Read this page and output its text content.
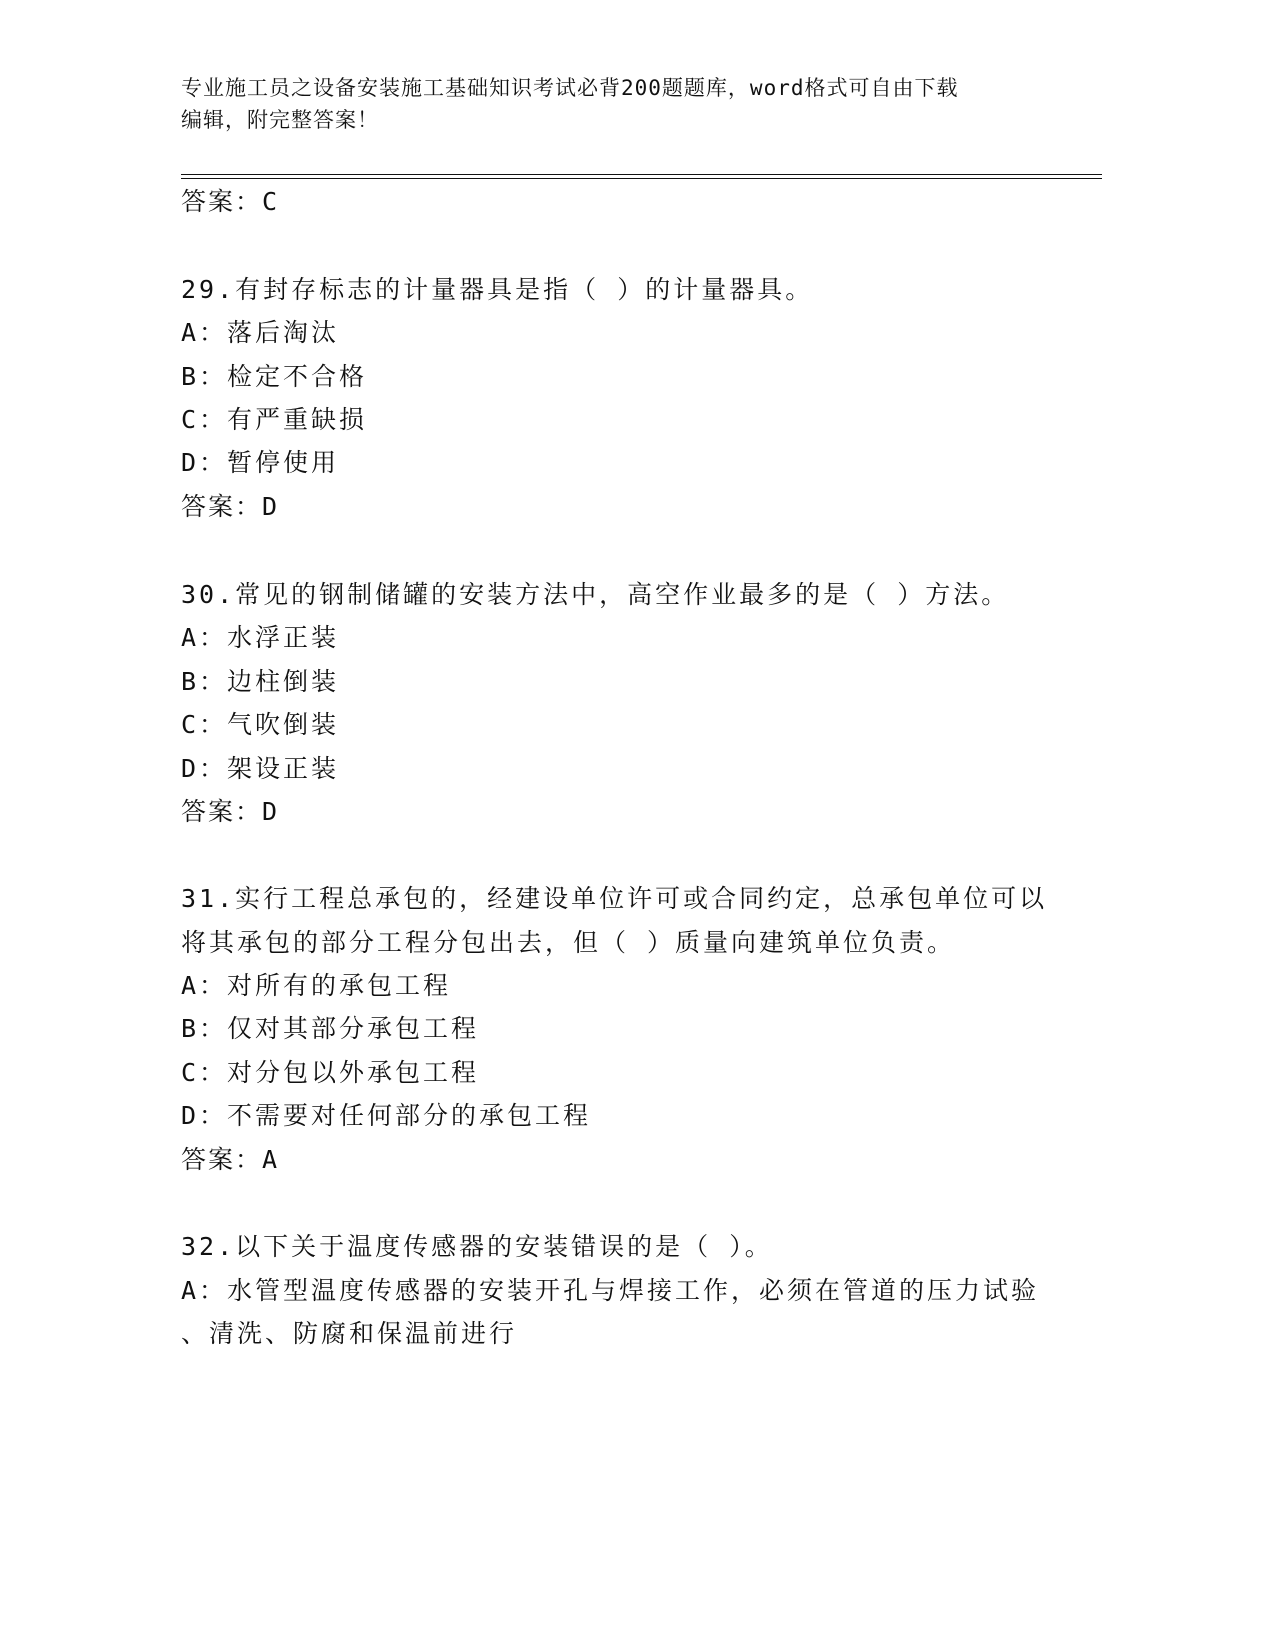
专业施工员之设备安装施工基础知识考试必背200题题库，word格式可自由下载
编辑，附完整答案！
答案：C
29.有封存标志的计量器具是指（ ）的计量器具。
A：落后淘汰
B：检定不合格
C：有严重缺损
D：暂停使用
答案：D
30.常见的钢制储罐的安装方法中，高空作业最多的是（ ）方法。
A：水浮正装
B：边柱倒装
C：气吹倒装
D：架设正装
答案：D
31.实行工程总承包的，经建设单位许可或合同约定，总承包单位可以
将其承包的部分工程分包出去，但（ ）质量向建筑单位负责。
A：对所有的承包工程
B：仅对其部分承包工程
C：对分包以外承包工程
D：不需要对任何部分的承包工程
答案：A
32.以下关于温度传感器的安装错误的是（ ）。
A：水管型温度传感器的安装开孔与焊接工作，必须在管道的压力试验
、清洗、防腐和保温前进行
